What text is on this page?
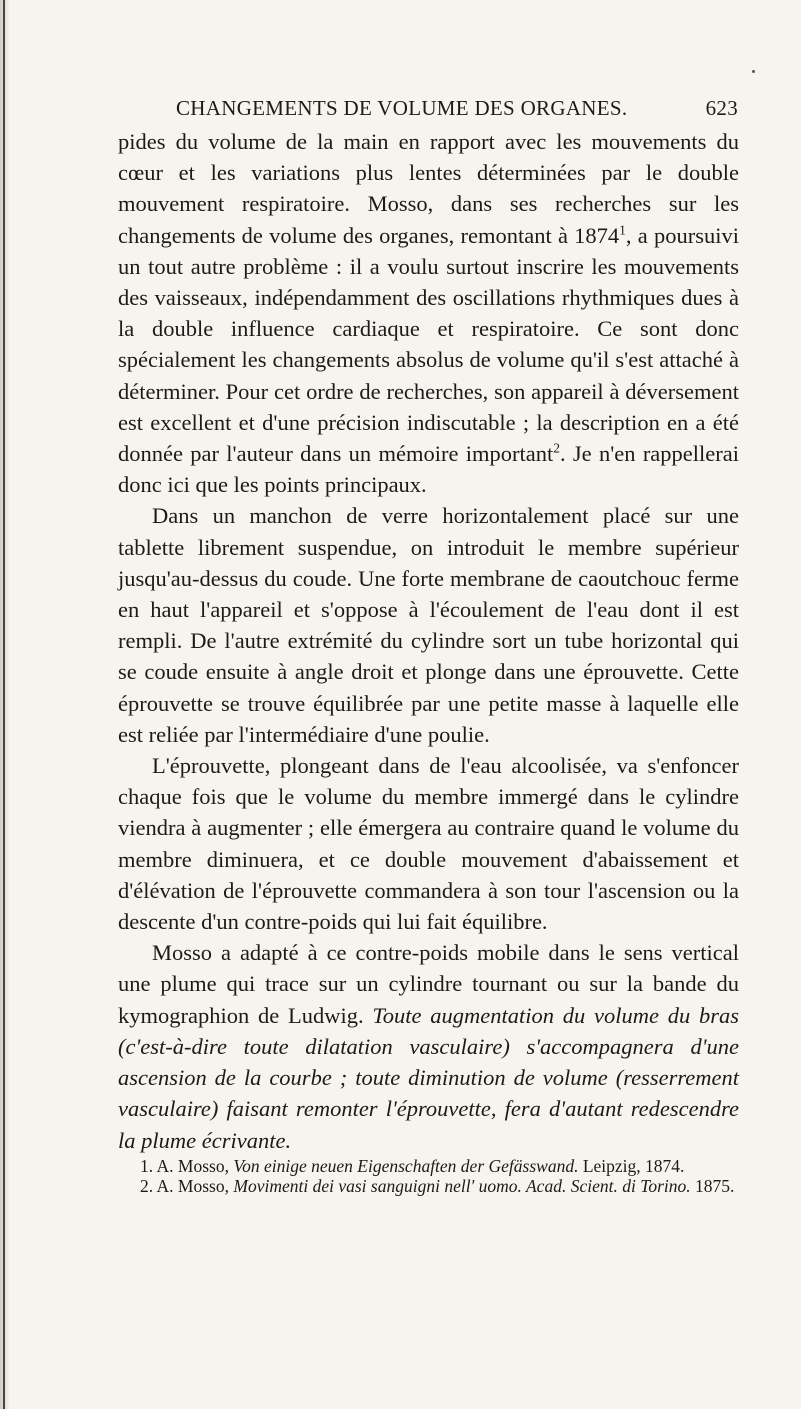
CHANGEMENTS DE VOLUME DES ORGANES.	623

pides du volume de la main en rapport avec les mouvements du cœur et les variations plus lentes déterminées par le double mouvement respiratoire. Mosso, dans ses recherches sur les changements de volume des organes, remontant à 1874$^1$, a poursuivi un tout autre problème : il a voulu surtout inscrire les mouvements des vaisseaux, indépendamment des oscillations rhythmiques dues à la double influence cardiaque et respiratoire. Ce sont donc spécialement les changements absolus de volume qu'il s'est attaché à déterminer. Pour cet ordre de recherches, son appareil à déversement est excellent et d'une précision indiscutable ; la description en a été donnée par l'auteur dans un mémoire important$^2$. Je n'en rappellerai donc ici que les points principaux.

Dans un manchon de verre horizontalement placé sur une tablette librement suspendue, on introduit le membre supérieur jusqu'au-dessus du coude. Une forte membrane de caoutchouc ferme en haut l'appareil et s'oppose à l'écoulement de l'eau dont il est rempli. De l'autre extrémité du cylindre sort un tube horizontal qui se coude ensuite à angle droit et plonge dans une éprouvette. Cette éprouvette se trouve équilibrée par une petite masse à laquelle elle est reliée par l'intermédiaire d'une poulie.

L'éprouvette, plongeant dans de l'eau alcoolisée, va s'enfoncer chaque fois que le volume du membre immergé dans le cylindre viendra à augmenter ; elle émergera au contraire quand le volume du membre diminuera, et ce double mouvement d'abaissement et d'élévation de l'éprouvette commandera à son tour l'ascension ou la descente d'un contre-poids qui lui fait équilibre.

Mosso a adapté à ce contre-poids mobile dans le sens vertical une plume qui trace sur un cylindre tournant ou sur la bande du kymographion de Ludwig. Toute augmentation du volume du bras (c'est-à-dire toute dilatation vasculaire) s'accompagnera d'une ascension de la courbe ; toute diminution de volume (resserrement vasculaire) faisant remonter l'éprouvette, fera d'autant redescendre la plume écrivante.

1. A. Mosso, Von einige neuen Eigenschaften der Gefässwand. Leipzig, 1874.

2. A. Mosso, Movimenti dei vasi sanguigni nell' uomo. Acad. Scient. di Torino. 1875.
